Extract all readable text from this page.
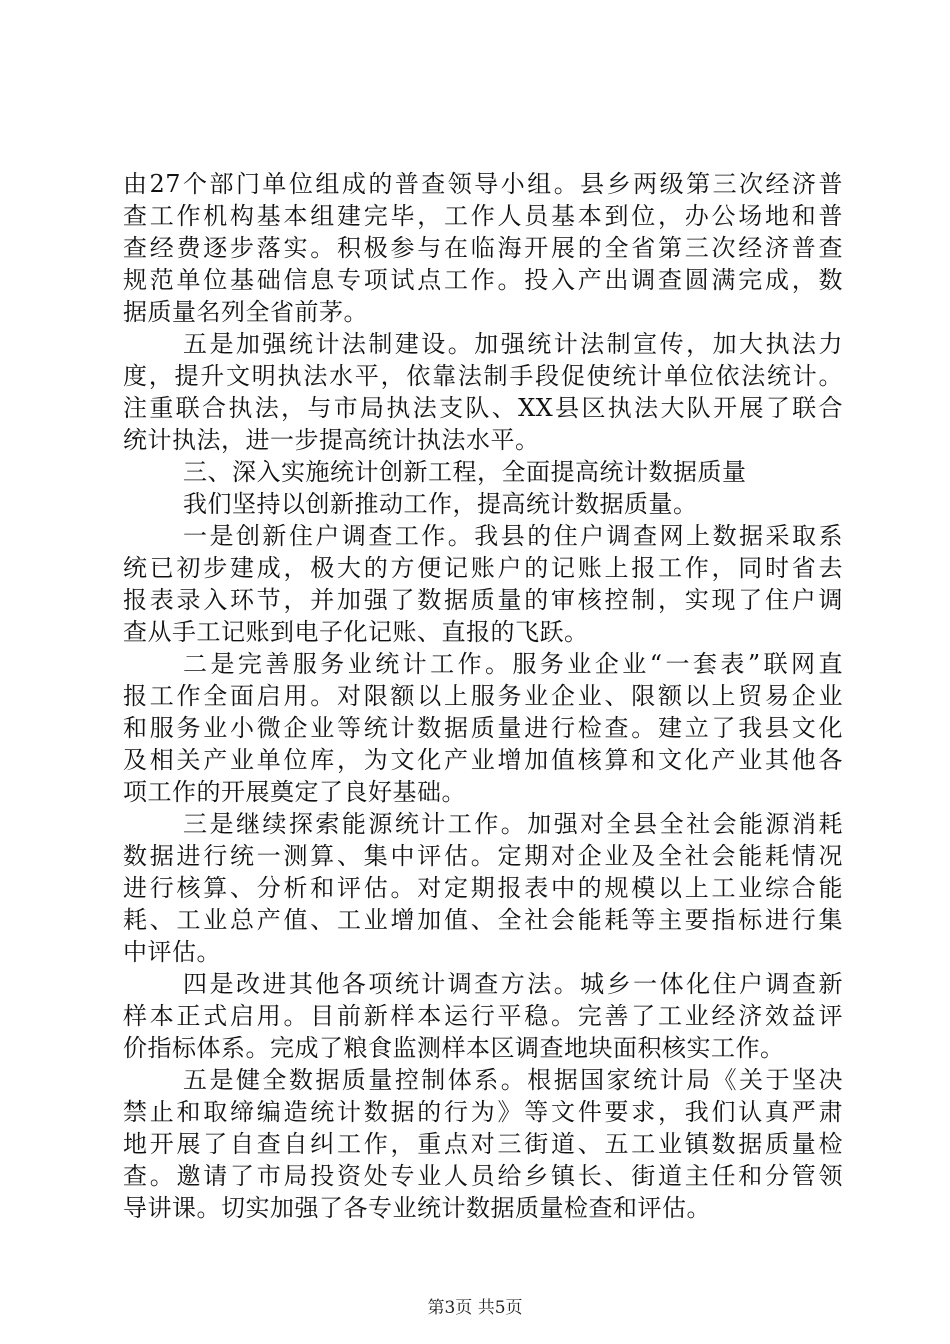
由27个部门单位组成的普查领导小组。县乡两级第三次经济普
查工作机构基本组建完毕，工作人员基本到位，办公场地和普
查经费逐步落实。积极参与在临海开展的全省第三次经济普查
规范单位基础信息专项试点工作。投入产出调查圆满完成，数
据质量名列全省前茅。
五是加强统计法制建设。加强统计法制宣传，加大执法力
度，提升文明执法水平，依靠法制手段促使统计单位依法统计。
注重联合执法，与市局执法支队、XX县区执法大队开展了联合
统计执法，进一步提高统计执法水平。
三、深入实施统计创新工程，全面提高统计数据质量
我们坚持以创新推动工作，提高统计数据质量。
一是创新住户调查工作。我县的住户调查网上数据采取系
统已初步建成，极大的方便记账户的记账上报工作，同时省去
报表录入环节，并加强了数据质量的审核控制，实现了住户调
查从手工记账到电子化记账、直报的飞跃。
二是完善服务业统计工作。服务业企业“一套表”联网直
报工作全面启用。对限额以上服务业企业、限额以上贸易企业
和服务业小微企业等统计数据质量进行检查。建立了我县文化
及相关产业单位库，为文化产业增加值核算和文化产业其他各
项工作的开展奠定了良好基础。
三是继续探索能源统计工作。加强对全县全社会能源消耗
数据进行统一测算、集中评估。定期对企业及全社会能耗情况
进行核算、分析和评估。对定期报表中的规模以上工业综合能
耗、工业总产值、工业增加值、全社会能耗等主要指标进行集
中评估。
四是改进其他各项统计调查方法。城乡一体化住户调查新
样本正式启用。目前新样本运行平稳。完善了工业经济效益评
价指标体系。完成了粮食监测样本区调查地块面积核实工作。
五是健全数据质量控制体系。根据国家统计局《关于坚决
禁止和取缔编造统计数据的行为》等文件要求，我们认真严肃
地开展了自查自纠工作，重点对三街道、五工业镇数据质量检
查。邀请了市局投资处专业人员给乡镇长、街道主任和分管领
导讲课。切实加强了各专业统计数据质量检查和评估。
第3页 共5页
